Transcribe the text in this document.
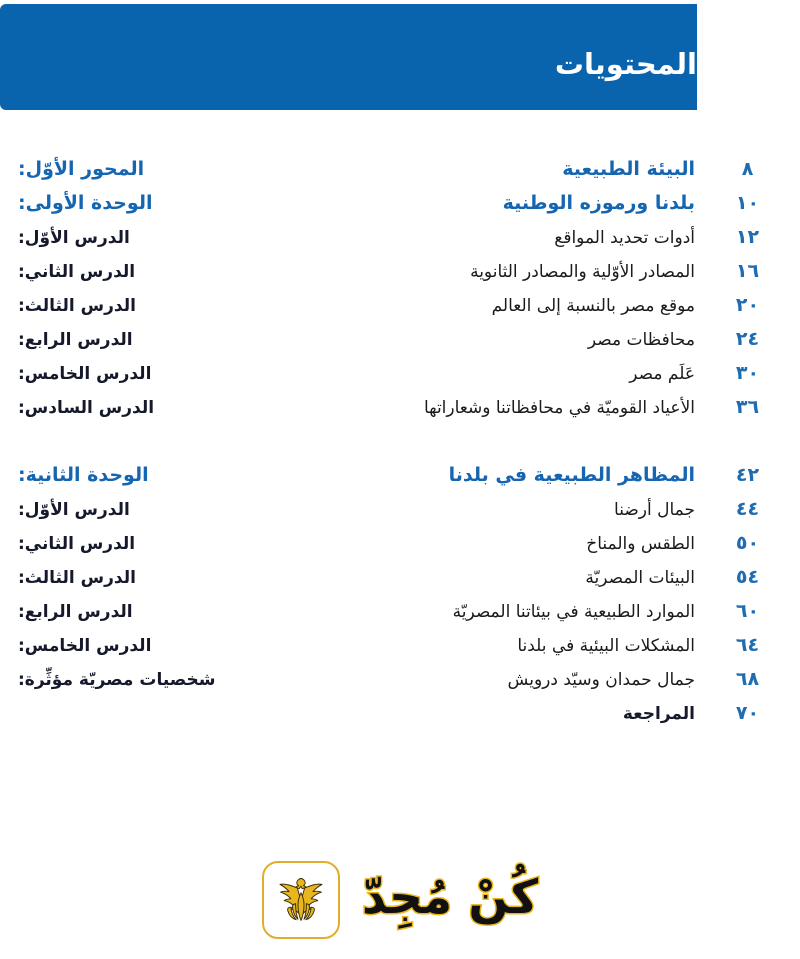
المحتويات
٨
البيئة الطبيعية
المحور الأوّل:
١٠
بلدنا ورموزه الوطنية
الوحدة الأولى:
١٢
أدوات تحديد المواقع
الدرس الأوّل:
١٦
المصادر الأوّلية والمصادر الثانوية
الدرس الثاني:
٢٠
موقع مصر بالنسبة إلى العالم
الدرس الثالث:
٢٤
محافظات مصر
الدرس الرابع:
٣٠
عَلَم مصر
الدرس الخامس:
٣٦
الأعياد القوميّة في محافظاتنا وشعاراتها
الدرس السادس:
٤٢
المظاهر الطبيعية في بلدنا
الوحدة الثانية:
٤٤
جمال أرضنا
الدرس الأوّل:
٥٠
الطقس والمناخ
الدرس الثاني:
٥٤
البيئات المصريّة
الدرس الثالث:
٦٠
الموارد الطبيعية في بيئاتنا المصريّة
الدرس الرابع:
٦٤
المشكلات البيئية في بلدنا
الدرس الخامس:
٦٨
جمال حمدان وسيّد درويش
شخصيات مصريّة مؤثِّرة:
٧٠
المراجعة
كُنْ مُجِدّ
